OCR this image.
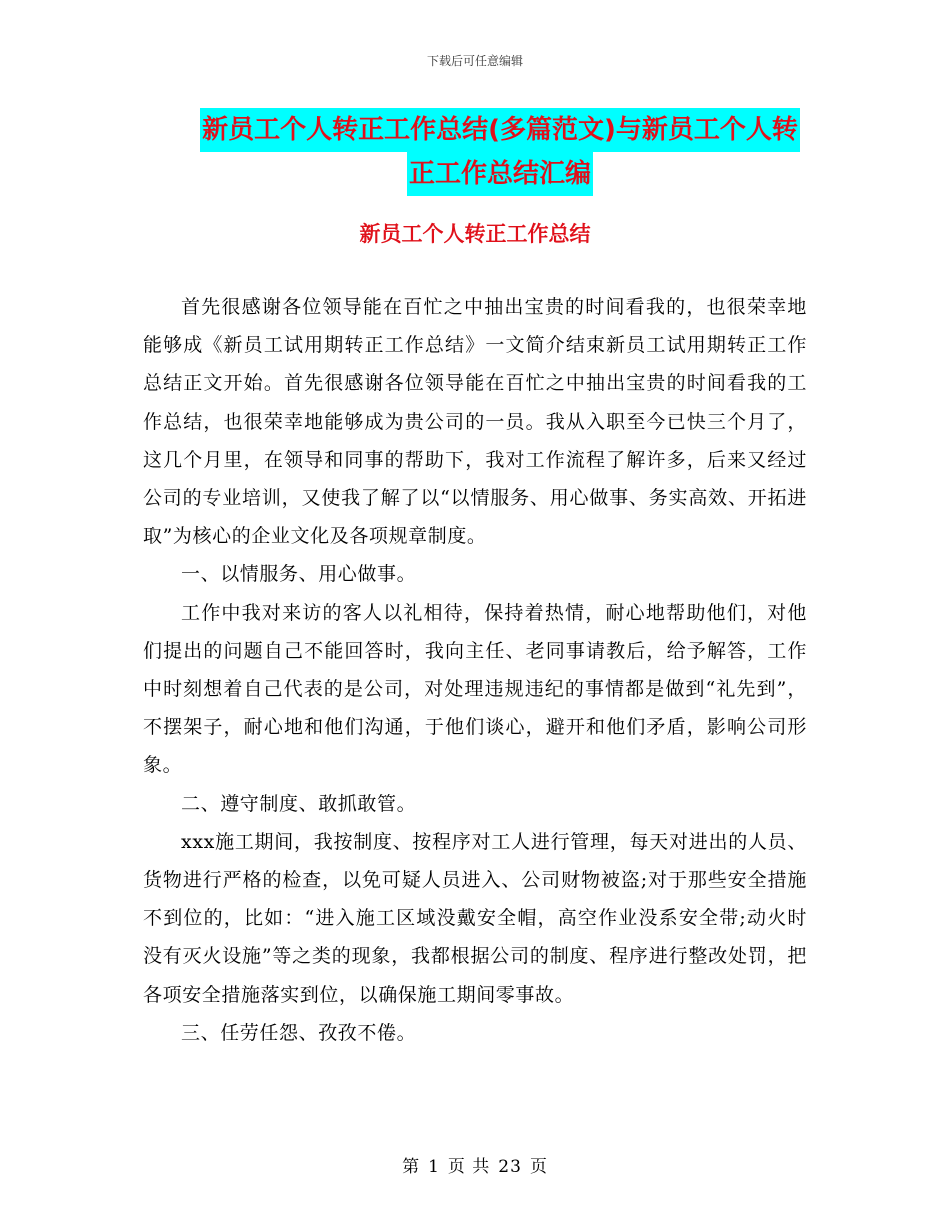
下载后可任意编辑
新员工个人转正工作总结(多篇范文)与新员工个人转
正工作总结汇编
新员工个人转正工作总结

首先很感谢各位领导能在百忙之中抽出宝贵的时间看我的，也很荣幸地能够成《新员工试用期转正工作总结》一文简介结束新员工试用期转正工作总结正文开始。首先很感谢各位领导能在百忙之中抽出宝贵的时间看我的工作总结，也很荣幸地能够成为贵公司的一员。我从入职至今已快三个月了，这几个月里，在领导和同事的帮助下，我对工作流程了解许多，后来又经过公司的专业培训，又使我了解了以“以情服务、用心做事、务实高效、开拓进取”为核心的企业文化及各项规章制度。

一、以情服务、用心做事。

工作中我对来访的客人以礼相待，保持着热情，耐心地帮助他们，对他们提出的问题自己不能回答时，我向主任、老同事请教后，给予解答，工作中时刻想着自己代表的是公司，对处理违规违纪的事情都是做到“礼先到”，不摆架子，耐心地和他们沟通，于他们谈心，避开和他们矛盾，影响公司形象。

二、遵守制度、敢抓敢管。

xxx施工期间，我按制度、按程序对工人进行管理，每天对进出的人员、货物进行严格的检查，以免可疑人员进入、公司财物被盗;对于那些安全措施不到位的，比如：“进入施工区域没戴安全帽，高空作业没系安全带;动火时没有灭火设施”等之类的现象，我都根据公司的制度、程序进行整改处罚，把各项安全措施落实到位，以确保施工期间零事故。

三、任劳任怨、孜孜不倦。

第 1 页 共 23 页
